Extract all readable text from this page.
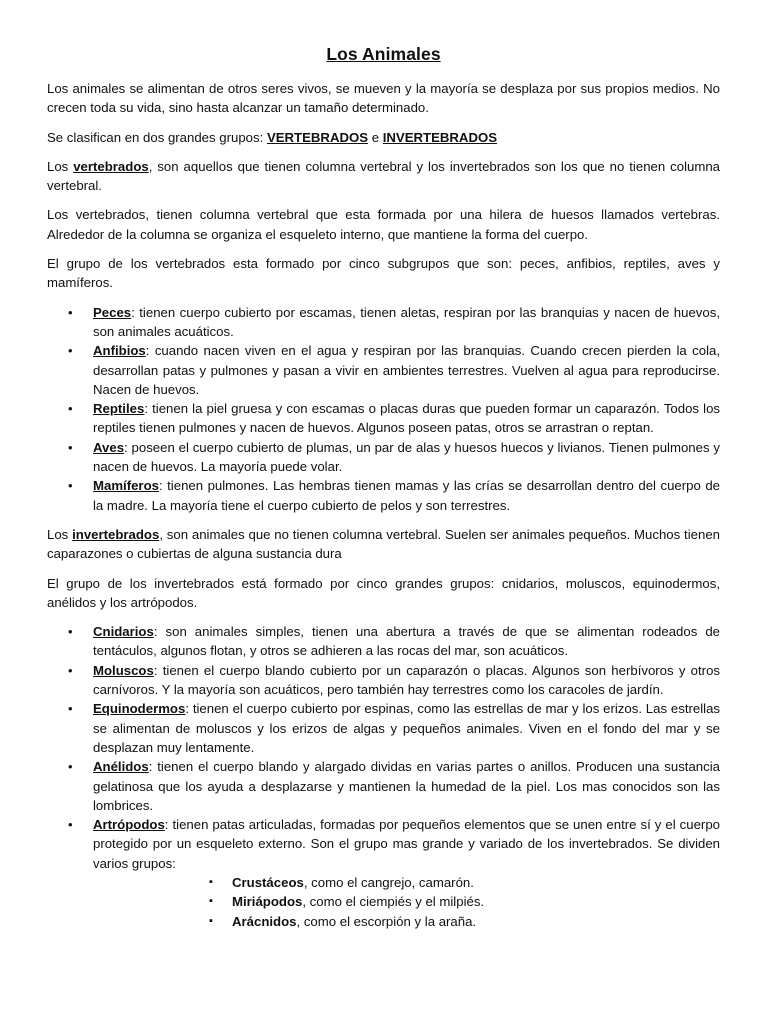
Los Animales

Los animales se alimentan de otros seres vivos, se mueven y la mayoría se desplaza por sus propios medios. No crecen toda su vida, sino hasta alcanzar un tamaño determinado.

Se clasifican en dos grandes grupos: VERTEBRADOS e INVERTEBRADOS

Los vertebrados, son aquellos que tienen columna vertebral y los invertebrados son los que no tienen columna vertebral.

Los vertebrados, tienen columna vertebral que esta formada por una hilera de huesos llamados vertebras. Alrededor de la columna se organiza el esqueleto interno, que mantiene la forma del cuerpo.

El grupo de los vertebrados esta formado por cinco subgrupos que son: peces, anfibios, reptiles, aves y mamíferos.

• Peces: tienen cuerpo cubierto por escamas, tienen aletas, respiran por las branquias y nacen de huevos, son animales acuáticos.
• Anfibios: cuando nacen viven en el agua y respiran por las branquias. Cuando crecen pierden la cola, desarrollan patas y pulmones y pasan a vivir en ambientes terrestres. Vuelven al agua para reproducirse. Nacen de huevos.
• Reptiles: tienen la piel gruesa y con escamas o placas duras que pueden formar un caparazón. Todos los reptiles tienen pulmones y nacen de huevos. Algunos poseen patas, otros se arrastran o reptan.
• Aves: poseen el cuerpo cubierto de plumas, un par de alas y huesos huecos y livianos. Tienen pulmones y nacen de huevos. La mayoría puede volar.
• Mamíferos: tienen pulmones. Las hembras tienen mamas y las crías se desarrollan dentro del cuerpo de la madre. La mayoría tiene el cuerpo cubierto de pelos y son terrestres.

Los invertebrados, son animales que no tienen columna vertebral. Suelen ser animales pequeños. Muchos tienen caparazones o cubiertas de alguna sustancia dura

El grupo de los invertebrados está formado por cinco grandes grupos: cnidarios, moluscos, equinodermos, anélidos y los artrópodos.

• Cnidarios: son animales simples, tienen una abertura a través de que se alimentan rodeados de tentáculos, algunos flotan, y otros se adhieren a las rocas del mar, son acuáticos.
• Moluscos: tienen el cuerpo blando cubierto por un caparazón o placas. Algunos son herbívoros y otros carnívoros. Y la mayoría son acuáticos, pero también hay terrestres como los caracoles de jardín.
• Equinodermos: tienen el cuerpo cubierto por espinas, como las estrellas de mar y los erizos. Las estrellas se alimentan de moluscos y los erizos de algas y pequeños animales. Viven en el fondo del mar y se desplazan muy lentamente.
• Anélidos: tienen el cuerpo blando y alargado dividas en varias partes o anillos. Producen una sustancia gelatinosa que los ayuda a desplazarse y mantienen la humedad de la piel. Los mas conocidos son las lombrices.
• Artrópodos: tienen patas articuladas, formadas por pequeños elementos que se unen entre sí y el cuerpo protegido por un esqueleto externo. Son el grupo mas grande y variado de los invertebrados. Se dividen varios grupos:
▪ Crustáceos, como el cangrejo, camarón.
▪ Miriápodos, como el ciempiés y el milpiés.
▪ Arácnidos, como el escorpión y la araña.
